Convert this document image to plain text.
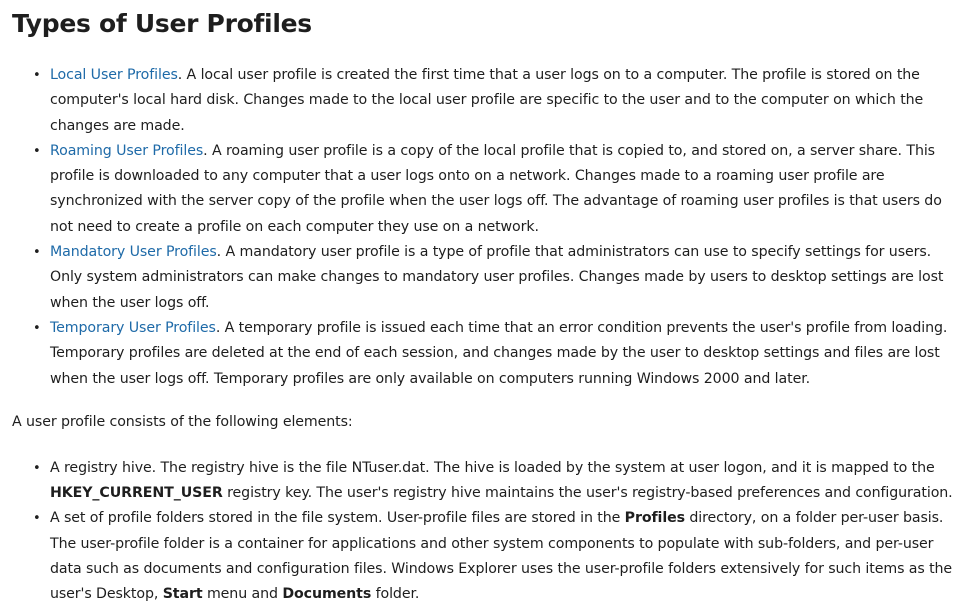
Types of User Profiles
• Local User Profiles. A local user profile is created the first time that a user logs on to a computer. The profile is stored on the computer's local hard disk. Changes made to the local user profile are specific to the user and to the computer on which the changes are made.
• Roaming User Profiles. A roaming user profile is a copy of the local profile that is copied to, and stored on, a server share. This profile is downloaded to any computer that a user logs onto on a network. Changes made to a roaming user profile are synchronized with the server copy of the profile when the user logs off. The advantage of roaming user profiles is that users do not need to create a profile on each computer they use on a network.
• Mandatory User Profiles. A mandatory user profile is a type of profile that administrators can use to specify settings for users. Only system administrators can make changes to mandatory user profiles. Changes made by users to desktop settings are lost when the user logs off.
• Temporary User Profiles. A temporary profile is issued each time that an error condition prevents the user's profile from loading. Temporary profiles are deleted at the end of each session, and changes made by the user to desktop settings and files are lost when the user logs off. Temporary profiles are only available on computers running Windows 2000 and later.

A user profile consists of the following elements:

• A registry hive. The registry hive is the file NTuser.dat. The hive is loaded by the system at user logon, and it is mapped to the HKEY_CURRENT_USER registry key. The user's registry hive maintains the user's registry-based preferences and configuration.
• A set of profile folders stored in the file system. User-profile files are stored in the Profiles directory, on a folder per-user basis. The user-profile folder is a container for applications and other system components to populate with sub-folders, and per-user data such as documents and configuration files. Windows Explorer uses the user-profile folders extensively for such items as the user's Desktop, Start menu and Documents folder.
